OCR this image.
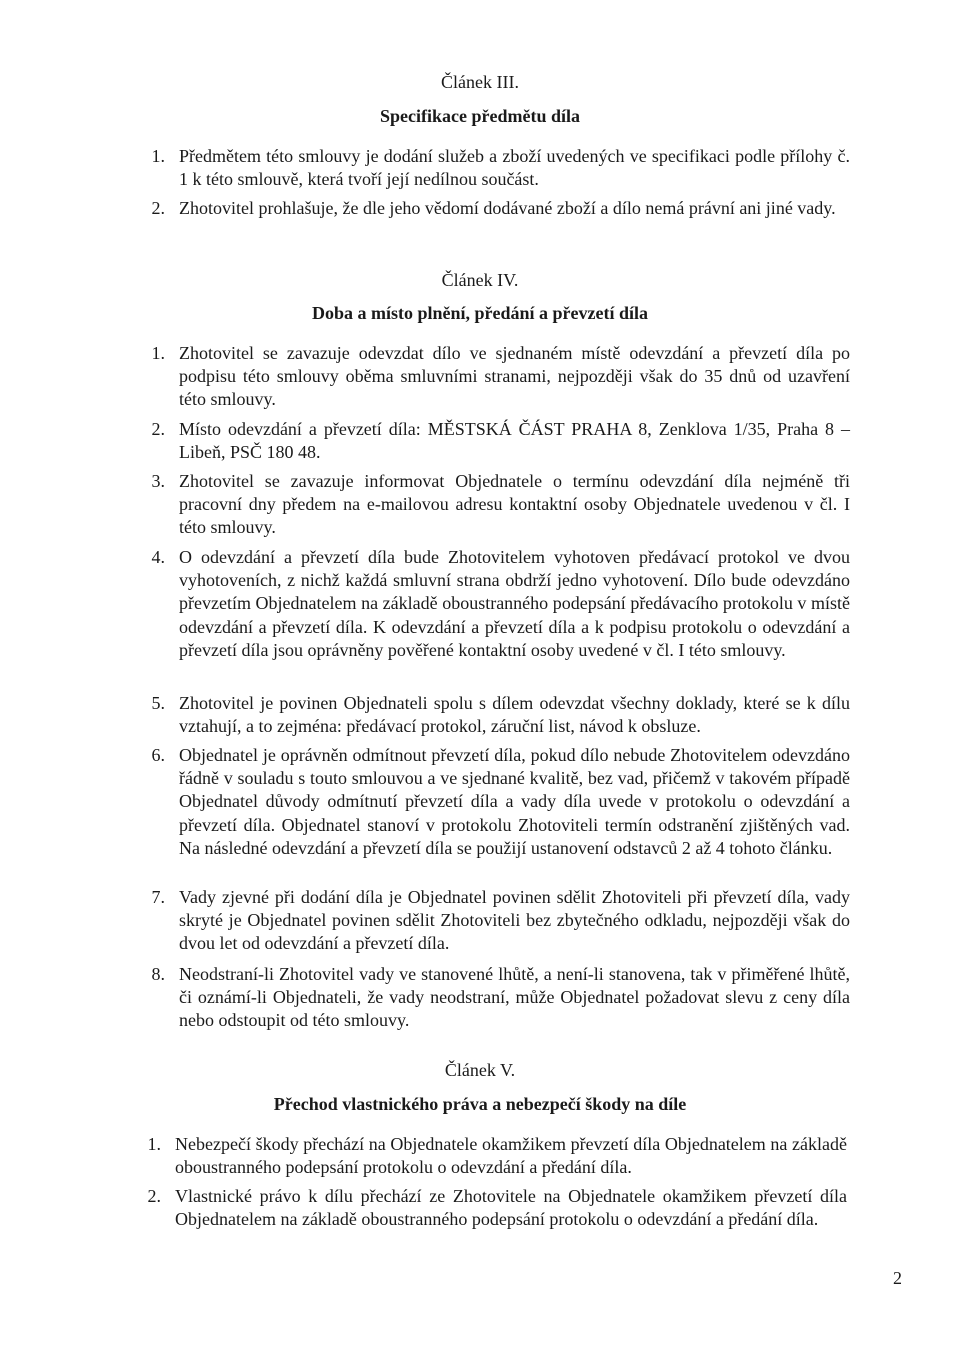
Článek III.
Specifikace předmětu díla
1. Předmětem této smlouvy je dodání služeb a zboží uvedených ve specifikaci podle přílohy č. 1 k této smlouvě, která tvoří její nedílnou součást.
2. Zhotovitel prohlašuje, že dle jeho vědomí dodávané zboží a dílo nemá právní ani jiné vady.
Článek IV.
Doba a místo plnění, předání a převzetí díla
1. Zhotovitel se zavazuje odevzdat dílo ve sjednaném místě odevzdání a převzetí díla po podpisu této smlouvy oběma smluvními stranami, nejpozději však do 35 dnů od uzavření této smlouvy.
2. Místo odevzdání a převzetí díla: MĚSTSKÁ ČÁST PRAHA 8, Zenklova 1/35, Praha 8 – Libeň, PSČ 180 48.
3. Zhotovitel se zavazuje informovat Objednatele o termínu odevzdání díla nejméně tři pracovní dny předem na e-mailovou adresu kontaktní osoby Objednatele uvedenou v čl. I této smlouvy.
4. O odevzdání a převzetí díla bude Zhotovitelem vyhotoven předávací protokol ve dvou vyhotoveních, z nichž každá smluvní strana obdrží jedno vyhotovení. Dílo bude odevzdáno převzetím Objednatelem na základě oboustranného podepsání předávacího protokolu v místě odevzdání a převzetí díla. K odevzdání a převzetí díla a k podpisu protokolu o odevzdání a převzetí díla jsou oprávněny pověřené kontaktní osoby uvedené v čl. I této smlouvy.
5. Zhotovitel je povinen Objednateli spolu s dílem odevzdat všechny doklady, které se k dílu vztahují, a to zejména: předávací protokol, záruční list, návod k obsluze.
6. Objednatel je oprávněn odmítnout převzetí díla, pokud dílo nebude Zhotovitelem odevzdáno řádně v souladu s touto smlouvou a ve sjednané kvalitě, bez vad, přičemž v takovém případě Objednatel důvody odmítnutí převzetí díla a vady díla uvede v protokolu o odevzdání a převzetí díla. Objednatel stanoví v protokolu Zhotoviteli termín odstranění zjištěných vad. Na následné odevzdání a převzetí díla se použijí ustanovení odstavců 2 až 4 tohoto článku.
7. Vady zjevné při dodání díla je Objednatel povinen sdělit Zhotoviteli při převzetí díla, vady skryté je Objednatel povinen sdělit Zhotoviteli bez zbytečného odkladu, nejpozději však do dvou let od odevzdání a převzetí díla.
8. Neodstraní-li Zhotovitel vady ve stanovené lhůtě, a není-li stanovena, tak v přiměřené lhůtě, či oznámí-li Objednateli, že vady neodstraní, může Objednatel požadovat slevu z ceny díla nebo odstoupit od této smlouvy.
Článek V.
Přechod vlastnického práva a nebezpečí škody na díle
1. Nebezpečí škody přechází na Objednatele okamžikem převzetí díla Objednatelem na základě oboustranného podepsání protokolu o odevzdání a předání díla.
2. Vlastnické právo k dílu přechází ze Zhotovitele na Objednatele okamžikem převzetí díla Objednatelem na základě oboustranného podepsání protokolu o odevzdání a předání díla.
2
